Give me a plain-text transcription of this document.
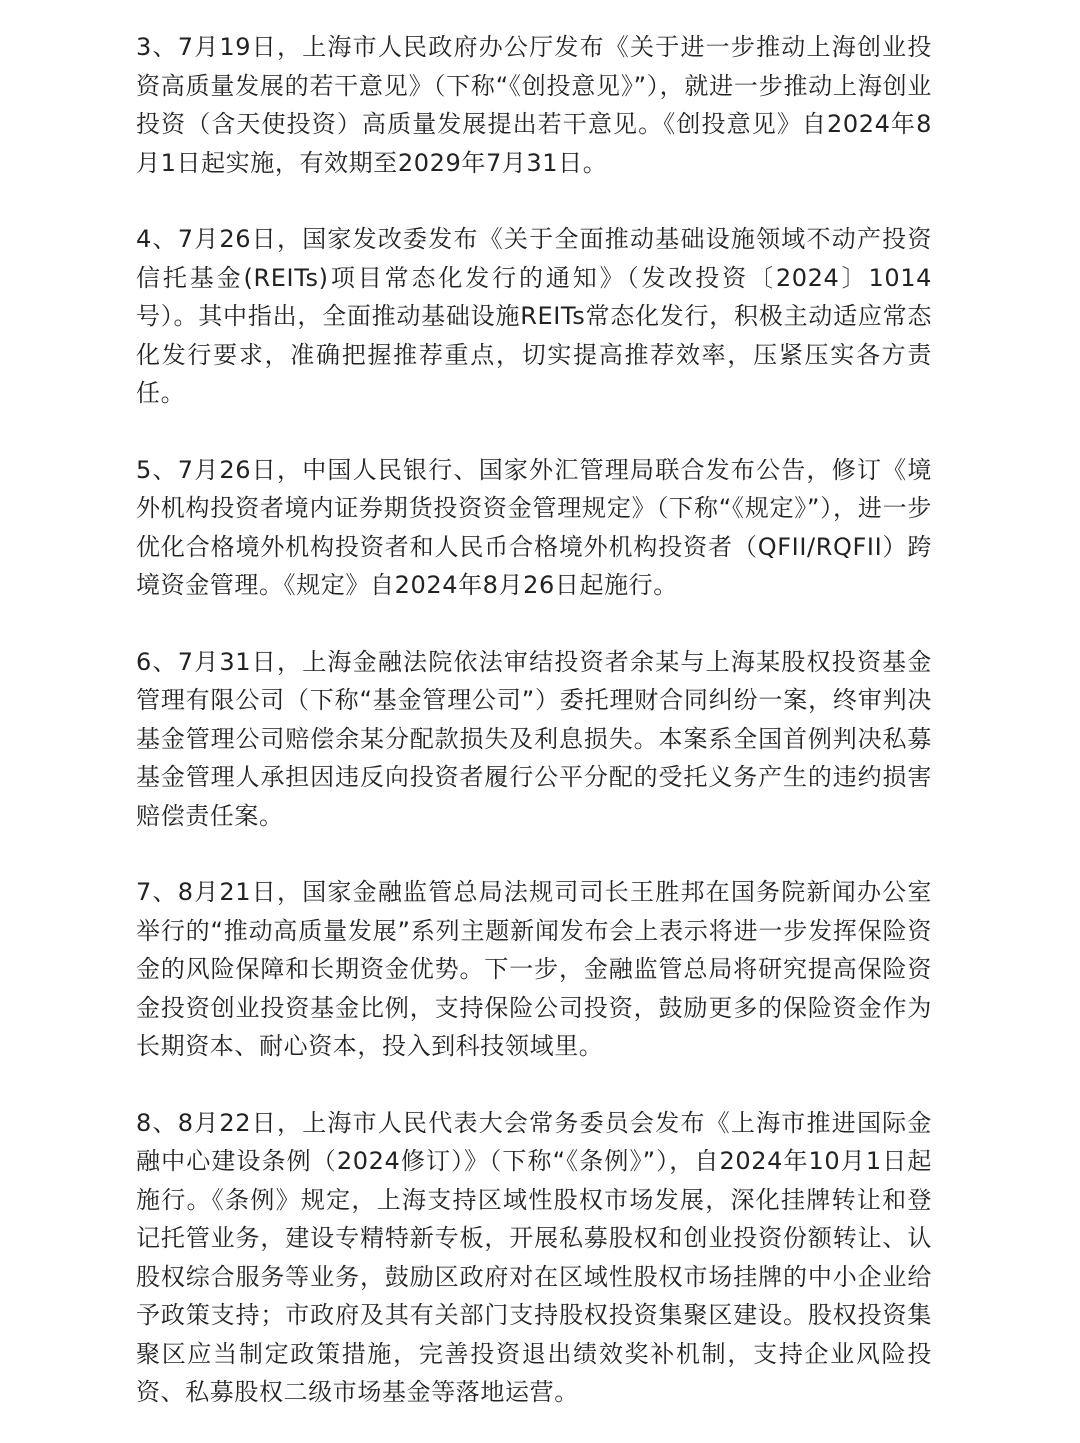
3、7月19日，上海市人民政府办公厅发布《关于进一步推动上海创业投资高质量发展的若干意见》（下称“《创投意见》”），就进一步推动上海创业投资（含天使投资）高质量发展提出若干意见。《创投意见》自2024年8月1日起实施，有效期至2029年7月31日。

4、7月26日，国家发改委发布《关于全面推动基础设施领域不动产投资信托基金(REITs)项目常态化发行的通知》（发改投资〔2024〕1014号）。其中指出，全面推动基础设施REITs常态化发行，积极主动适应常态化发行要求，准确把握推荐重点，切实提高推荐效率，压紧压实各方责任。

5、7月26日，中国人民银行、国家外汇管理局联合发布公告，修订《境外机构投资者境内证券期货投资资金管理规定》（下称“《规定》”），进一步优化合格境外机构投资者和人民币合格境外机构投资者（QFII/RQFII）跨境资金管理。《规定》自2024年8月26日起施行。

6、7月31日，上海金融法院依法审结投资者余某与上海某股权投资基金管理有限公司（下称“基金管理公司”）委托理财合同纠纷一案，终审判决基金管理公司赔偿余某分配款损失及利息损失。本案系全国首例判决私募基金管理人承担因违反向投资者履行公平分配的受托义务产生的违约损害赔偿责任案。

7、8月21日，国家金融监管总局法规司司长王胜邦在国务院新闻办公室举行的“推动高质量发展”系列主题新闻发布会上表示将进一步发挥保险资金的风险保障和长期资金优势。下一步，金融监管总局将研究提高保险资金投资创业投资基金比例，支持保险公司投资，鼓励更多的保险资金作为长期资本、耐心资本，投入到科技领域里。

8、8月22日，上海市人民代表大会常务委员会发布《上海市推进国际金融中心建设条例（2024修订）》（下称“《条例》”），自2024年10月1日起施行。《条例》规定，上海支持区域性股权市场发展，深化挂牌转让和登记托管业务，建设专精特新专板，开展私募股权和创业投资份额转让、认股权综合服务等业务，鼓励区政府对在区域性股权市场挂牌的中小企业给予政策支持；市政府及其有关部门支持股权投资集聚区建设。股权投资集聚区应当制定政策措施，完善投资退出绩效奖补机制，支持企业风险投资、私募股权二级市场基金等落地运营。
